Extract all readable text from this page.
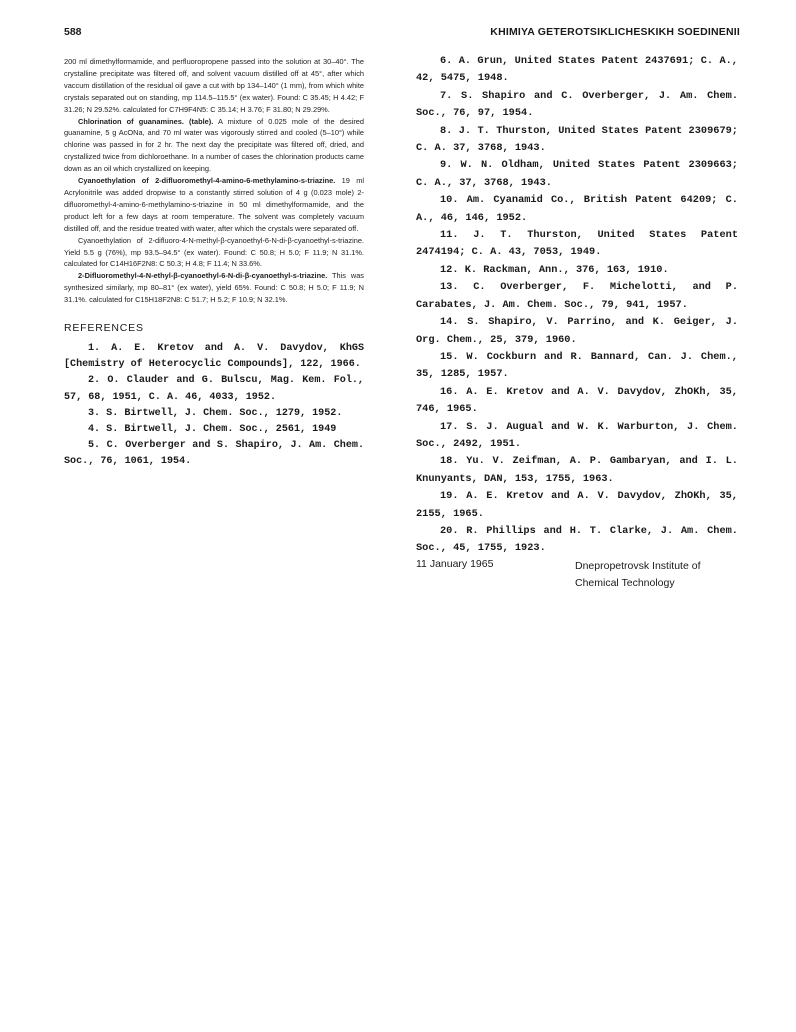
588	KHIMIYA GETEROTSIKLICHESKIKH SOEDINENII

200 ml dimethylformamide, and perfluoropropene passed into the solution at 30–40°. The crystalline precipitate was filtered off, and solvent vacuum distilled off at 45°, after which vaccum distillation of the residual oil gave a cut with bp 134–140° (1 mm), from which white crystals separated out on standing, mp 114.5–115.5° (ex water). Found: C 35.45; H 4.42; F 31.26; N 29.52%. calculated for C7H9F4N5: C 35.14; H 3.76; F 31.80; N 29.29%.

Chlorination of guanamines. (table). A mixture of 0.025 mole of the desired guanamine, 5 g AcONa, and 70 ml water was vigorously stirred and cooled (5–10°) while chlorine was passed in for 2 hr. The next day the precipitate was filtered off, dried, and crystallized twice from dichloroethane. In a number of cases the chlorination products came down as an oil which crystallized on keeping.

Cyanoethylation of 2-difluoromethyl-4-amino-6-methylamino-s-triazine. 19 ml Acrylonitrile was added dropwise to a constantly stirred solution of 4 g (0.023 mole) 2-difluoromethyl-4-amino-6-methylamino-s-triazine in 50 ml dimethylformamide, and the product left for a few days at room temperature. The solvent was completely vacuum distilled off, and the residue treated with water, after which the crystals were separated off.

Cyanoethylation of 2-difluoro-4-N-methyl-β-cyanoethyl-6-N-di-β-cyanoethyl-s-triazine. Yield 5.5 g (76%), mp 93.5–94.5° (ex water). Found: C 50.8; H 5.0; F 11.9; N 31.1%. calculated for C14H16F2N8: C 50.3; H 4.8; F 11.4; N 33.6%.

2-Difluoromethyl-4-N-ethyl-β-cyanoethyl-6-N-di-β-cyanoethyl-s-triazine. This was synthesized similarly, mp 80–81° (ex water), yield 65%. Found: C 50.8; H 5.0; F 11.9; N 31.1%. calculated for C15H18F2N8: C 51.7; H 5.2; F 10.9; N 32.1%.

REFERENCES

1. A. E. Kretov and A. V. Davydov, KhGS [Chemistry of Heterocyclic Compounds], 122, 1966.

2. O. Clauder and G. Bulscu, Mag. Kem. Fol., 57, 68, 1951, C. A. 46, 4033, 1952.

3. S. Birtwell, J. Chem. Soc., 1279, 1952.

4. S. Birtwell, J. Chem. Soc., 2561, 1949

5. C. Overberger and S. Shapiro, J. Am. Chem. Soc., 76, 1061, 1954.

6. A. Grun, United States Patent 2437691; C. A., 42, 5475, 1948.

7. S. Shapiro and C. Overberger, J. Am. Chem. Soc., 76, 97, 1954.

8. J. T. Thurston, United States Patent 2309679; C. A. 37, 3768, 1943.

9. W. N. Oldham, United States Patent 2309663; C. A., 37, 3768, 1943.

10. Am. Cyanamid Co., British Patent 64209; C. A., 46, 146, 1952.

11. J. T. Thurston, United States Patent 2474194; C. A. 43, 7053, 1949.

12. K. Rackman, Ann., 376, 163, 1910.

13. C. Overberger, F. Michelotti, and P. Carabates, J. Am. Chem. Soc., 79, 941, 1957.

14. S. Shapiro, V. Parrino, and K. Geiger, J. Org. Chem., 25, 379, 1960.

15. W. Cockburn and R. Bannard, Can. J. Chem., 35, 1285, 1957.

16. A. E. Kretov and A. V. Davydov, ZhOKh, 35, 746, 1965.

17. S. J. Augual and W. K. Warburton, J. Chem. Soc., 2492, 1951.

18. Yu. V. Zeifman, A. P. Gambaryan, and I. L. Knunyants, DAN, 153, 1755, 1963.

19. A. E. Kretov and A. V. Davydov, ZhOKh, 35, 2155, 1965.

20. R. Phillips and H. T. Clarke, J. Am. Chem. Soc., 45, 1755, 1923.

11 January 1965	Dnepropetrovsk Institute of
Chemical Technology
